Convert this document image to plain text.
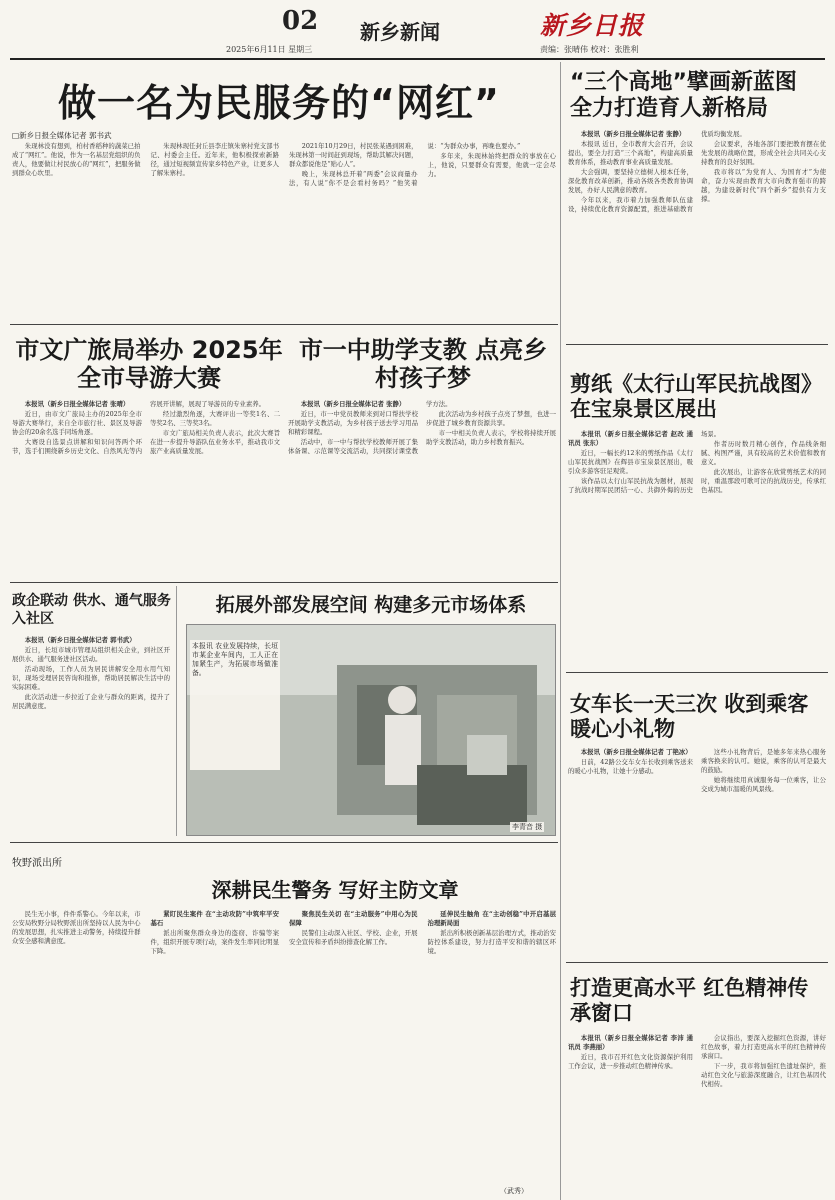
02 新乡新闻
2025年6月11日 星期三
新乡日报
责编：张晴伟 校对：张胜利
做一名为民服务的“网红”
□新乡日报全媒体记者 郭书武

朱现林没有想到，柏村香稻种的蔬菜已拍成了“网红”。他说，作为一名基层党组织的负责人，他要做让村民放心的“网红”，把服务做到群众心坎里。

朱现林现任封丘县李庄镇朱寨村党支部书记、村委会主任。近年来，他积极探索新路径，通过短视频宣传家乡特色产业，让更多人了解朱寨村。

2021年10月29日，村民张某遇到困难，朱现林第一时间赶到现场，帮助其解决问题，群众都说他是“贴心人”。

晚上，朱现林总开着“两委”会议商量办法，有人说“你不是会看村务吗？”他笑着说：“为群众办事，再晚也要办。”

多年来，朱现林始终把群众的事放在心上，他说，只要群众有需要，他就一定会尽力。

“三个高地”擘画新蓝图 全力打造育人新格局

本报讯（新乡日报全媒体记者 张静）

本报讯 近日，全市教育大会召开，会议提出，要全力打造“三个高地”，构建高质量教育体系，推动教育事业高质量发展。

大会强调，要坚持立德树人根本任务，深化教育改革创新，推动各级各类教育协调发展，办好人民满意的教育。

今年以来，我市着力加强教师队伍建设，持续优化教育资源配置，推进基础教育优质均衡发展。

会议要求，各地各部门要把教育摆在优先发展的战略位置，形成全社会共同关心支持教育的良好氛围。

我市将以“为党育人、为国育才”为使命，奋力实现由教育大市向教育强市的跨越，为建设新时代“四个新乡”提供有力支撑。

市文广旅局举办 2025年全市导游大赛

本报讯（新乡日报全媒体记者 张晴）

近日，由市文广旅局主办的2025年全市导游大赛举行，来自全市旅行社、景区及导游协会的20余名选手同场角逐。

大赛设自选景点讲解和知识问答两个环节，选手们围绕新乡历史文化、自然风光等内容展开讲解，展现了导游员的专业素养。

经过激烈角逐，大赛评出一等奖1名、二等奖2名、三等奖3名。

市文广旅局相关负责人表示，此次大赛旨在进一步提升导游队伍业务水平，推动我市文旅产业高质量发展。

市一中助学支教 点亮乡村孩子梦

本报讯（新乡日报全媒体记者 张静）

近日，市一中党员教师来到对口帮扶学校开展助学支教活动，为乡村孩子送去学习用品和精彩课程。

活动中，市一中与帮扶学校教师开展了集体备课、示范课等交流活动，共同探讨课堂教学方法。

此次活动为乡村孩子点亮了梦想，也进一步促进了城乡教育资源共享。

市一中相关负责人表示，学校将持续开展助学支教活动，助力乡村教育振兴。

剪纸《太行山军民抗战图》 在宝泉景区展出

本报讯（新乡日报全媒体记者 赵改 通讯员 张东）

近日，一幅长约12米的剪纸作品《太行山军民抗战图》在辉县市宝泉景区展出，吸引众多游客驻足观赏。

该作品以太行山军民抗战为题材，展现了抗战时期军民团结一心、共御外侮的历史场景。

作者历时数月精心创作，作品线条细腻、构图严谨，具有较高的艺术价值和教育意义。

此次展出，让游客在欣赏剪纸艺术的同时，重温那段可歌可泣的抗战历史，传承红色基因。

政企联动 供水、通气服务入社区

本报讯（新乡日报全媒体记者 郭书武）

近日，长垣市城市管理局组织相关企业，到社区开展供水、通气服务进社区活动。

活动现场，工作人员为居民讲解安全用水用气知识，现场受理居民咨询和报修，帮助居民解决生活中的实际困难。

此次活动进一步拉近了企业与群众的距离，提升了居民满意度。

拓展外部发展空间 构建多元市场体系
本报讯 农业发展持续，长垣市某企业车间内，工人正在加紧生产，为拓展市场做准备。
李青音 摄
女车长一天三次 收到乘客暖心小礼物

本报讯（新乡日报全媒体记者 丁艳冰）

日前，42路公交车女车长收到乘客送来的暖心小礼物，让她十分感动。

这些小礼物背后，是她多年来热心服务乘客换来的认可。她说，乘客的认可是最大的鼓励。

她将继续用真诚服务每一位乘客，让公交成为城市温暖的风景线。

牧野派出所
深耕民生警务 写好主防文章

民生无小事，件件系警心。今年以来，市公安局牧野分局牧野派出所坚持以人民为中心的发展思想，扎实推进主动警务，持续提升群众安全感和满意度。

紧盯民生案件 在“主动攻防”中筑牢平安基石

派出所聚焦群众身边的盗窃、诈骗等案件，组织开展专项行动，案件发生率同比明显下降。

聚焦民生关切 在“主动服务”中用心为民保障

民警们主动深入社区、学校、企业，开展安全宣传和矛盾纠纷排查化解工作。

延伸民生触角 在“主动创稳”中开启基层治理新局面

派出所积极创新基层治理方式，推动治安防控体系建设，努力打造平安和谐的辖区环境。

（武秀）
打造更高水平 红色精神传承窗口

本报讯（新乡日报全媒体记者 李沛 通讯员 李燕丽）

近日，我市召开红色文化资源保护利用工作会议，进一步推动红色精神传承。

会议指出，要深入挖掘红色资源，讲好红色故事，着力打造更高水平的红色精神传承窗口。

下一步，我市将加强红色遗址保护，推动红色文化与旅游深度融合，让红色基因代代相传。
